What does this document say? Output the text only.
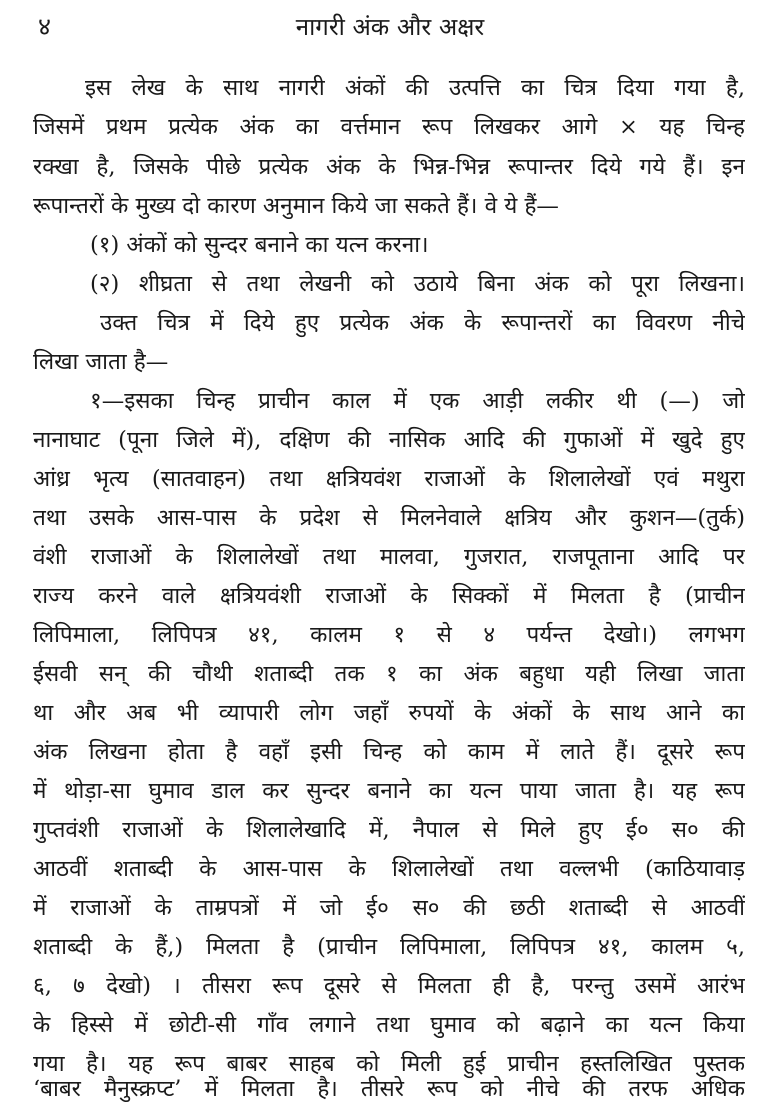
४	नागरी अंक और अक्षर
इस लेख के साथ नागरी अंकों की उत्पत्ति का चित्र दिया गया है,
जिसमें प्रथम प्रत्येक अंक का वर्त्तमान रूप लिखकर आगे × यह चिन्ह
रक्खा है, जिसके पीछे प्रत्येक अंक के भिन्न-भिन्न रूपान्तर दिये गये हैं। इन
रूपान्तरों के मुख्य दो कारण अनुमान किये जा सकते हैं। वे ये हैं—
(१) अंकों को सुन्दर बनाने का यत्न करना।
(२) शीघ्रता से तथा लेखनी को उठाये बिना अंक को पूरा लिखना।
उक्त चित्र में दिये हुए प्रत्येक अंक के रूपान्तरों का विवरण नीचे
लिखा जाता है—
१—इसका चिन्ह प्राचीन काल में एक आड़ी लकीर थी (—) जो
नानाघाट (पूना जिले में), दक्षिण की नासिक आदि की गुफाओं में खुदे हुए
आंध्र भृत्य (सातवाहन) तथा क्षत्रियवंश राजाओं के शिलालेखों एवं मथुरा
तथा उसके आस-पास के प्रदेश से मिलनेवाले क्षत्रिय और कुशन—(तुर्क)
वंशी राजाओं के शिलालेखों तथा मालवा, गुजरात, राजपूताना आदि पर
राज्य करने वाले क्षत्रियवंशी राजाओं के सिक्कों में मिलता है (प्राचीन
लिपिमाला, लिपिपत्र ४१, कालम १ से ४ पर्यन्त देखो।) लगभग
ईसवी सन् की चौथी शताब्दी तक १ का अंक बहुधा यही लिखा जाता
था और अब भी व्यापारी लोग जहाँ रुपयों के अंकों के साथ आने का
अंक लिखना होता है वहाँ इसी चिन्ह को काम में लाते हैं। दूसरे रूप
में थोड़ा-सा घुमाव डाल कर सुन्दर बनाने का यत्न पाया जाता है। यह रूप
गुप्तवंशी राजाओं के शिलालेखादि में, नैपाल से मिले हुए ई० स० की
आठवीं शताब्दी के आस-पास के शिलालेखों तथा वल्लभी (काठियावाड़
में राजाओं के ताम्रपत्रों में जो ई० स० की छठी शताब्दी से आठवीं
शताब्दी के हैं,) मिलता है (प्राचीन लिपिमाला, लिपिपत्र ४१, कालम ५,
६, ७ देखो) । तीसरा रूप दूसरे से मिलता ही है, परन्तु उसमें आरंभ
के हिस्से में छोटी-सी गाँव लगाने तथा घुमाव को बढ़ाने का यत्न किया
गया है। यह रूप बाबर साहब को मिली हुई प्राचीन हस्तलिखित पुस्तक
‘बाबर मैनुस्क्रप्ट’ में मिलता है। तीसरे रूप को नीचे की तरफ अधिक
